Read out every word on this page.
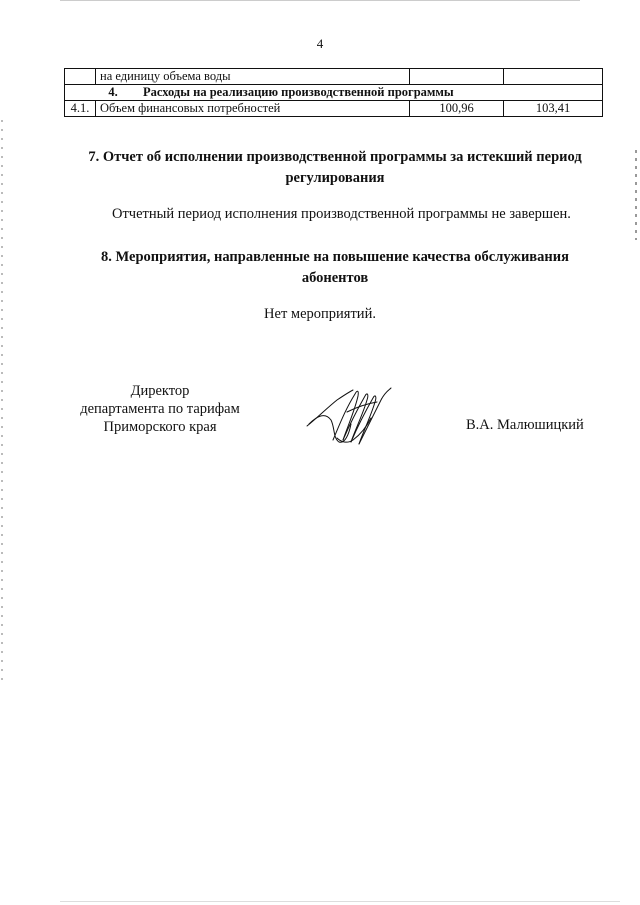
4
	на единицу объема воды		
4. Расходы на реализацию производственной программы			
4.1.	Объем финансовых потребностей	100,96	103,41
7. Отчет об исполнении производственной программы за истекший период
регулирования
Отчетный период исполнения производственной программы не завершен.
8. Мероприятия, направленные на повышение качества обслуживания
абонентов
Нет мероприятий.
Директор
департамента по тарифам
Приморского края	В.А. Малюшицкий
